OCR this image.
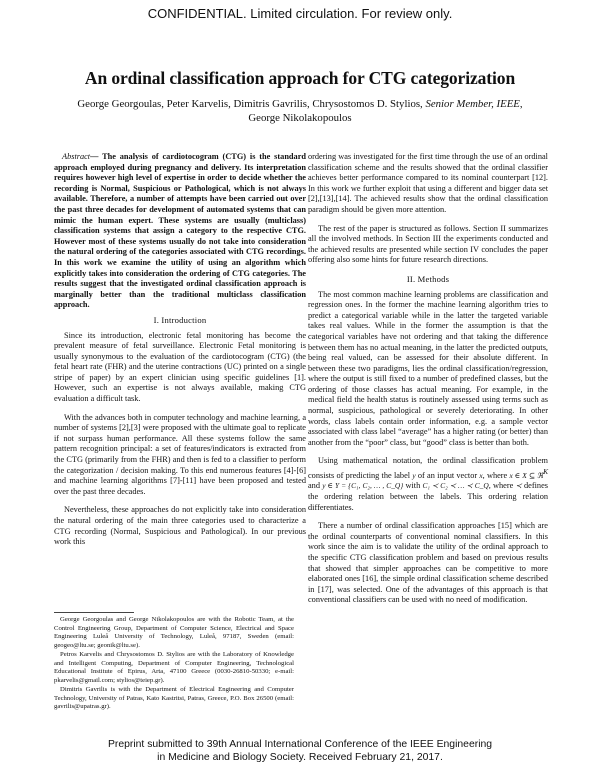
CONFIDENTIAL. Limited circulation. For review only.
An ordinal classification approach for CTG categorization
George Georgoulas, Peter Karvelis, Dimitris Gavrilis, Chrysostomos D. Stylios, Senior Member, IEEE, George Nikolakopoulos

Abstract— The analysis of cardiotocogram (CTG) is the standard approach employed during pregnancy and delivery. Its interpretation requires however high level of expertise in order to decide whether the recording is Normal, Suspicious or Pathological, which is not always available. Therefore, a number of attempts have been carried out over the past three decades for development of automated systems that can mimic the human expert. These systems are usually (multiclass) classification systems that assign a category to the respective CTG. However most of these systems usually do not take into consideration the natural ordering of the categories associated with CTG recordings. In this work we examine the utility of using an algorithm which explicitly takes into consideration the ordering of CTG categories. The results suggest that the investigated ordinal classification approach is marginally better than the traditional multiclass classification approach.

I. Introduction

Since its introduction, electronic fetal monitoring has become the prevalent measure of fetal surveillance. Electronic Fetal monitoring is usually synonymous to the evaluation of the cardiotocogram (CTG) (the fetal heart rate (FHR) and the uterine contractions (UC) printed on a single stripe of paper) by an expert clinician using specific guidelines [1]. However, such an expertise is not always available, making CTG evaluation a difficult task.

With the advances both in computer technology and machine learning, a number of systems [2],[3] were proposed with the ultimate goal to replicate if not surpass human performance. All these systems follow the same pattern recognition principal: a set of features/indicators is extracted from the CTG (primarily from the FHR) and then is fed to a classifier to perform the categorization / decision making. To this end numerous features [4]-[6] and machine learning algorithms [7]-[11] have been proposed and tested over the past three decades.

Nevertheless, these approaches do not explicitly take into consideration the natural ordering of the main three categories used to characterize a CTG recording (Normal, Suspicious and Pathological). In our previous work this

George Georgoulas and George Nikolakopoulos are with the Robotic Team, at the Control Engineering Group, Department of Computer Science, Electrical and Space Engineering Luleå University of Technology, Luleå, 97187, Sweden (email: geogeo@ltu.se; geonik@ltu.se).

Petros Karvelis and Chrysostomos D. Stylios are with the Laboratory of Knowledge and Intelligent Computing, Department of Computer Engineering, Technological Educational Institute of Epirus, Arta, 47100 Greece (0030-26810-50330; e-mail: pkarvelis@gmail.com; stylios@teiep.gr).

Dimitris Gavrilis is with the Department of Electrical Engineering and Computer Technology, University of Patras, Kato Kastritsi, Patras, Greece, P.O. Box 26500 (email: gavrilis@upatras.gr).

ordering was investigated for the first time through the use of an ordinal classification scheme and the results showed that the ordinal classifier achieves better performance compared to its nominal counterpart [12]. In this work we further exploit that using a different and bigger data set [2],[13],[14]. The achieved results show that the ordinal classification paradigm should be given more attention.

The rest of the paper is structured as follows. Section II summarizes all the involved methods. In Section III the experiments conducted and the achieved results are presented while section IV concludes the paper offering also some hints for future research directions.

II. Methods

The most common machine learning problems are classification and regression ones. In the former the machine learning algorithm tries to predict a categorical variable while in the latter the targeted variable takes real values. While in the former the assumption is that the categorical variables have not ordering and that taking the difference between them has no actual meaning, in the latter the predicted outputs, being real valued, can be assessed for their absolute different. In between these two paradigms, lies the ordinal classification/regression, where the output is still fixed to a number of predefined classes, but the ordering of those classes has actual meaning. For example, in the medical field the health status is routinely assessed using terms such as normal, suspicious, pathological or severely deteriorating. In other words, class labels contain order information, e.g. a sample vector associated with class label “average” has a higher rating (or better) than another from the “poor” class, but “good” class is better than both.

Using mathematical notation, the ordinal classification problem consists of predicting the label y of an input vector x, where x ∈ X ⊆ ℜ$^K$ and y ∈ Y = {C₁, C₂, … , C_Q} with C₁ ≺ C₂ ≺ … ≺ C_Q, where ≺ defines the ordering relation between the labels. This ordering relation differentiates.

There a number of ordinal classification approaches [15] which are the ordinal counterparts of conventional nominal classifiers. In this work since the aim is to validate the utility of the ordinal approach to the specific CTG classification problem and based on previous results that showed that simpler approaches can be competitive to more elaborated ones [16], the simple ordinal classification scheme described in [17], was selected. One of the advantages of this approach is that conventional classifiers can be used with no need of modification.

Preprint submitted to 39th Annual International Conference of the IEEE Engineering
in Medicine and Biology Society. Received February 21, 2017.
